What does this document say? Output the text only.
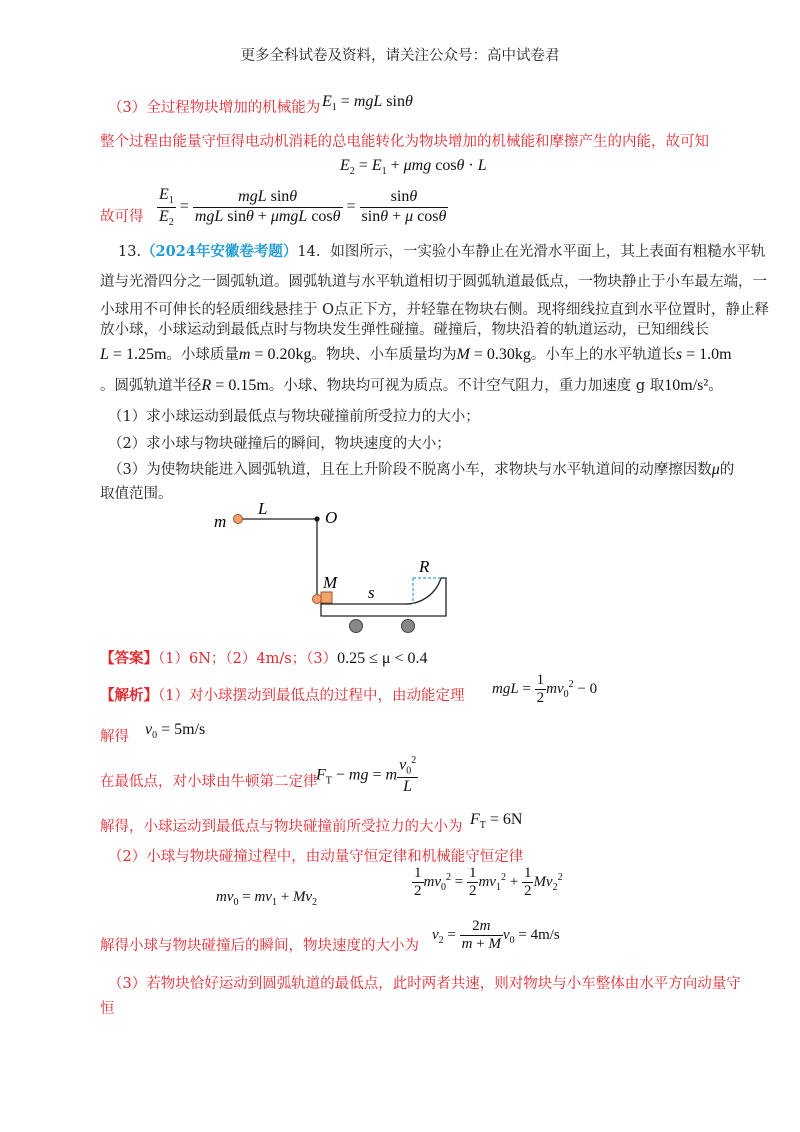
更多全科试卷及资料，请关注公众号：高中试卷君
（3）全过程物块增加的机械能为 $E_1$ = mgL sinθ
整个过程由能量守恒得电动机消耗的总电能转化为物块增加的机械能和摩擦产生的内能，故可知
$E_2 = E_1 + \mu mg$ cosθ · L
故可得 $\frac{E_1}{E_2} = \frac{\text{mgL sinθ}}{\text{mgL sinθ + μmgL cosθ}} = \frac{\sin\theta}{\text{sinθ + μ cosθ}}$
13.（2024年安徽卷考题）14．如图所示，一实验小车静止在光滑水平面上，其上表面有粗糙水平轨
道与光滑四分之一圆弧轨道。圆弧轨道与水平轨道相切于圆弧轨道最低点，一物块静止于小车最左端，一
小球用不可伸长的轻质细线悬挂于 O点正下方，并轻靠在物块右侧。现将细线拉直到水平位置时，静止释
放小球，小球运动到最低点时与物块发生弹性碰撞。碰撞后，物块沿着的轨道运动，已知细线长
L = 1.25m。小球质量m = 0.20kg。物块、小车质量均为M = 0.30kg。小车上的水平轨道长s = 1.0m
。圆弧轨道半径R = 0.15m。小球、物块均可视为质点。不计空气阻力，重力加速度 g 取10m/s²。
（1）求小球运动到最低点与物块碰撞前所受拉力的大小；
（2）求小球与物块碰撞后的瞬间，物块速度的大小；
（3）为使物块能进入圆弧轨道，且在上升阶段不脱离小车，求物块与水平轨道间的动摩擦因数μ的
取值范围。
m
L	O
M
s
R
【答案】（1）6N；（2）4m/s；（3）0.25 ≤ μ < 0.4
【解析】（1）对小球摆动到最低点的过程中，由动能定理 mgL = $\frac{1}{2} mv_0^2 - 0$
解得 $v_0 = 5m/s$
在最低点，对小球由牛顿第二定律
$F_T$ − mg = m $\frac{v_0^2}{L}$
解得，小球运动到最低点与物块碰撞前所受拉力的大小为 $F_T = 6N$
（2）小球与物块碰撞过程中，由动量守恒定律和机械能守恒定律
$mv_0 = mv_1 + Mv_2$
$\frac{1}{2} mv_0^2 = \frac{1}{2} mv_1^2 + \frac{1}{2} Mv_2^2$
解得小球与物块碰撞后的瞬间，物块速度的大小为
$v_2 = \frac{2m}{m + M} v_0 = 4m/s$
（3）若物块恰好运动到圆弧轨道的最低点，此时两者共速，则对物块与小车整体由水平方向动量守
恒
